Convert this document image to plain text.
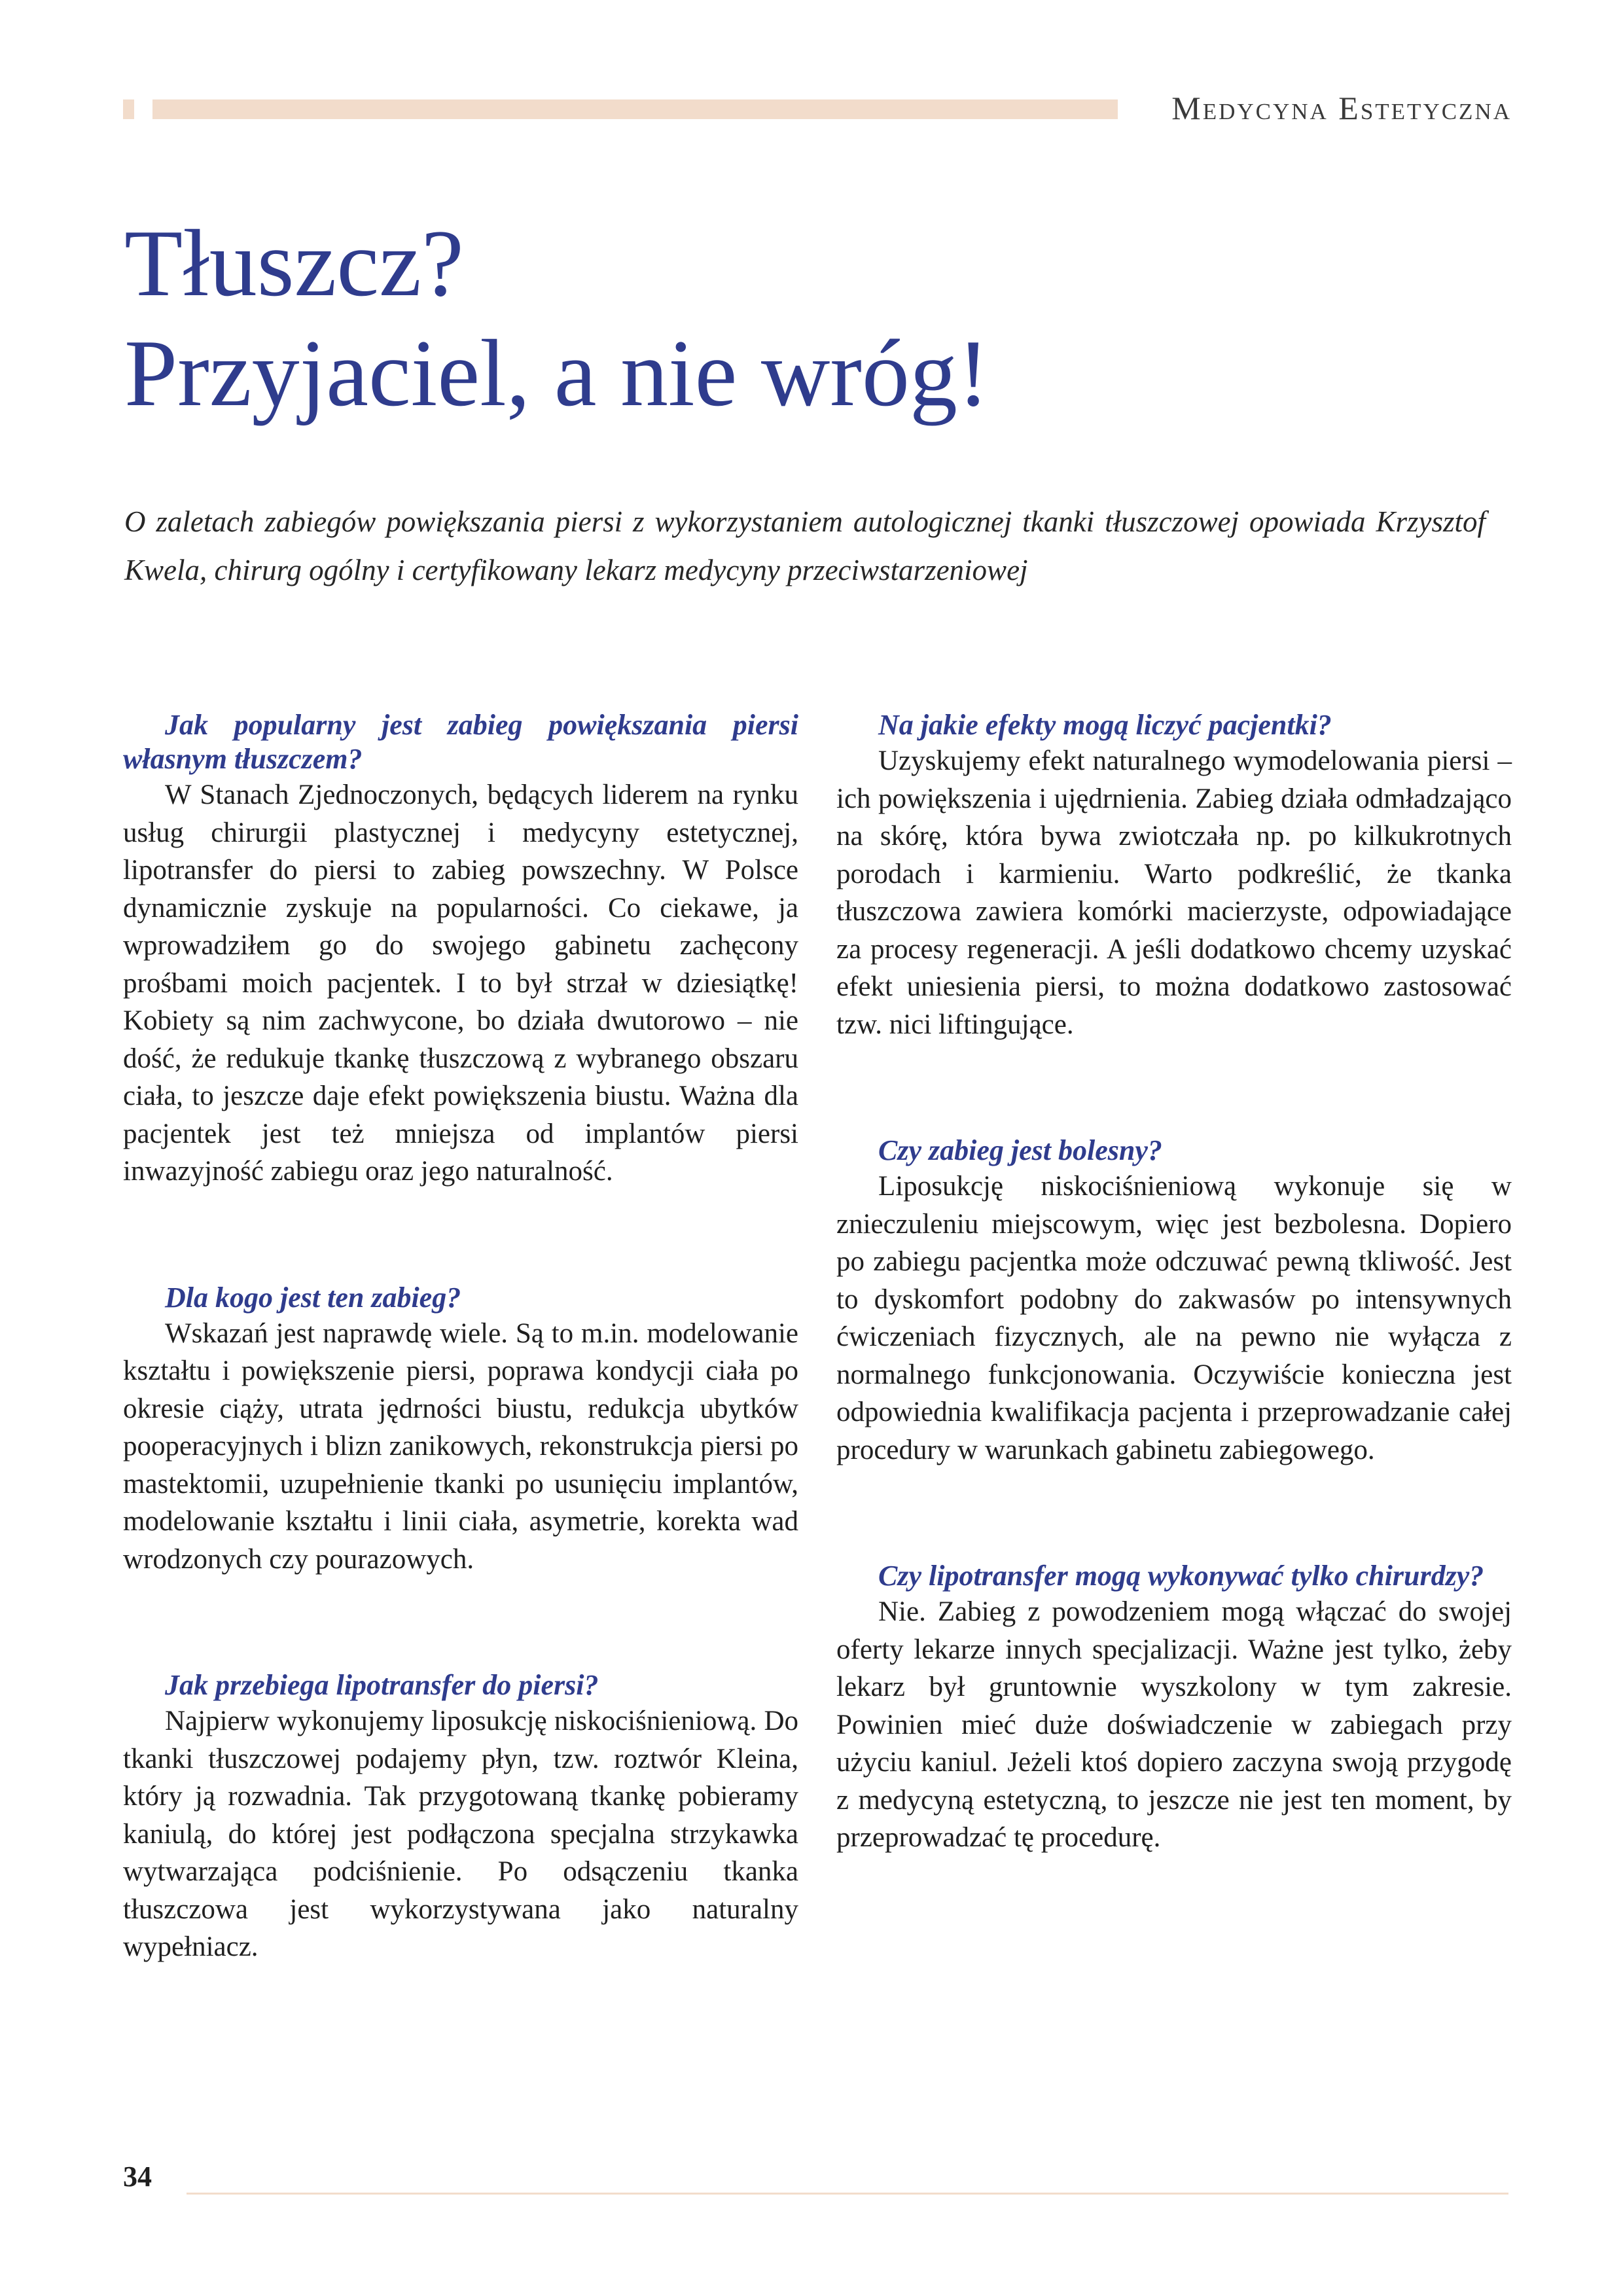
Medycyna Estetyczna

Tłuszcz?
Przyjaciel, a nie wróg!

O zaletach zabiegów powiększania piersi z wykorzystaniem autologicznej tkanki tłuszczowej opowiada Krzysztof Kwela, chirurg ogólny i certyfikowany lekarz medycyny przeciwstarzeniowej

Jak popularny jest zabieg powiększania piersi własnym tłuszczem?

W Stanach Zjednoczonych, będących liderem na rynku usług chirurgii plastycznej i medycyny estetycznej, lipotransfer do piersi to zabieg powszechny. W Polsce dynamicznie zyskuje na popularności. Co ciekawe, ja wprowadziłem go do swojego gabinetu zachęcony prośbami moich pacjentek. I to był strzał w dziesiątkę! Kobiety są nim zachwycone, bo działa dwutorowo – nie dość, że redukuje tkankę tłuszczową z wybranego obszaru ciała, to jeszcze daje efekt powiększenia biustu. Ważna dla pacjentek jest też mniejsza od implantów piersi inwazyjność zabiegu oraz jego naturalność.

Dla kogo jest ten zabieg?

Wskazań jest naprawdę wiele. Są to m.in. modelowanie kształtu i powiększenie piersi, poprawa kondycji ciała po okresie ciąży, utrata jędrności biustu, redukcja ubytków pooperacyjnych i blizn zanikowych, rekonstrukcja piersi po mastektomii, uzupełnienie tkanki po usunięciu implantów, modelowanie kształtu i linii ciała, asymetrie, korekta wad wrodzonych czy pourazowych.

Jak przebiega lipotransfer do piersi?

Najpierw wykonujemy liposukcję niskociśnieniową. Do tkanki tłuszczowej podajemy płyn, tzw. roztwór Kleina, który ją rozwadnia. Tak przygotowaną tkankę pobieramy kaniulą, do której jest podłączona specjalna strzykawka wytwarzająca podciśnienie. Po odsączeniu tkanka tłuszczowa jest wykorzystywana jako naturalny wypełniacz.

Na jakie efekty mogą liczyć pacjentki?

Uzyskujemy efekt naturalnego wymodelowania piersi – ich powiększenia i ujędrnienia. Zabieg działa odmładzająco na skórę, która bywa zwiotczała np. po kilkukrotnych porodach i karmieniu. Warto podkreślić, że tkanka tłuszczowa zawiera komórki macierzyste, odpowiadające za procesy regeneracji. A jeśli dodatkowo chcemy uzyskać efekt uniesienia piersi, to można dodatkowo zastosować tzw. nici liftingujące.

Czy zabieg jest bolesny?

Liposukcję niskociśnieniową wykonuje się w znieczuleniu miejscowym, więc jest bezbolesna. Dopiero po zabiegu pacjentka może odczuwać pewną tkliwość. Jest to dyskomfort podobny do zakwasów po intensywnych ćwiczeniach fizycznych, ale na pewno nie wyłącza z normalnego funkcjonowania. Oczywiście konieczna jest odpowiednia kwalifikacja pacjenta i przeprowadzanie całej procedury w warunkach gabinetu zabiegowego.

Czy lipotransfer mogą wykonywać tylko chirurdzy?

Nie. Zabieg z powodzeniem mogą włączać do swojej oferty lekarze innych specjalizacji. Ważne jest tylko, żeby lekarz był gruntownie wyszkolony w tym zakresie. Powinien mieć duże doświadczenie w zabiegach przy użyciu kaniul. Jeżeli ktoś dopiero zaczyna swoją przygodę z medycyną estetyczną, to jeszcze nie jest ten moment, by przeprowadzać tę procedurę.

34
